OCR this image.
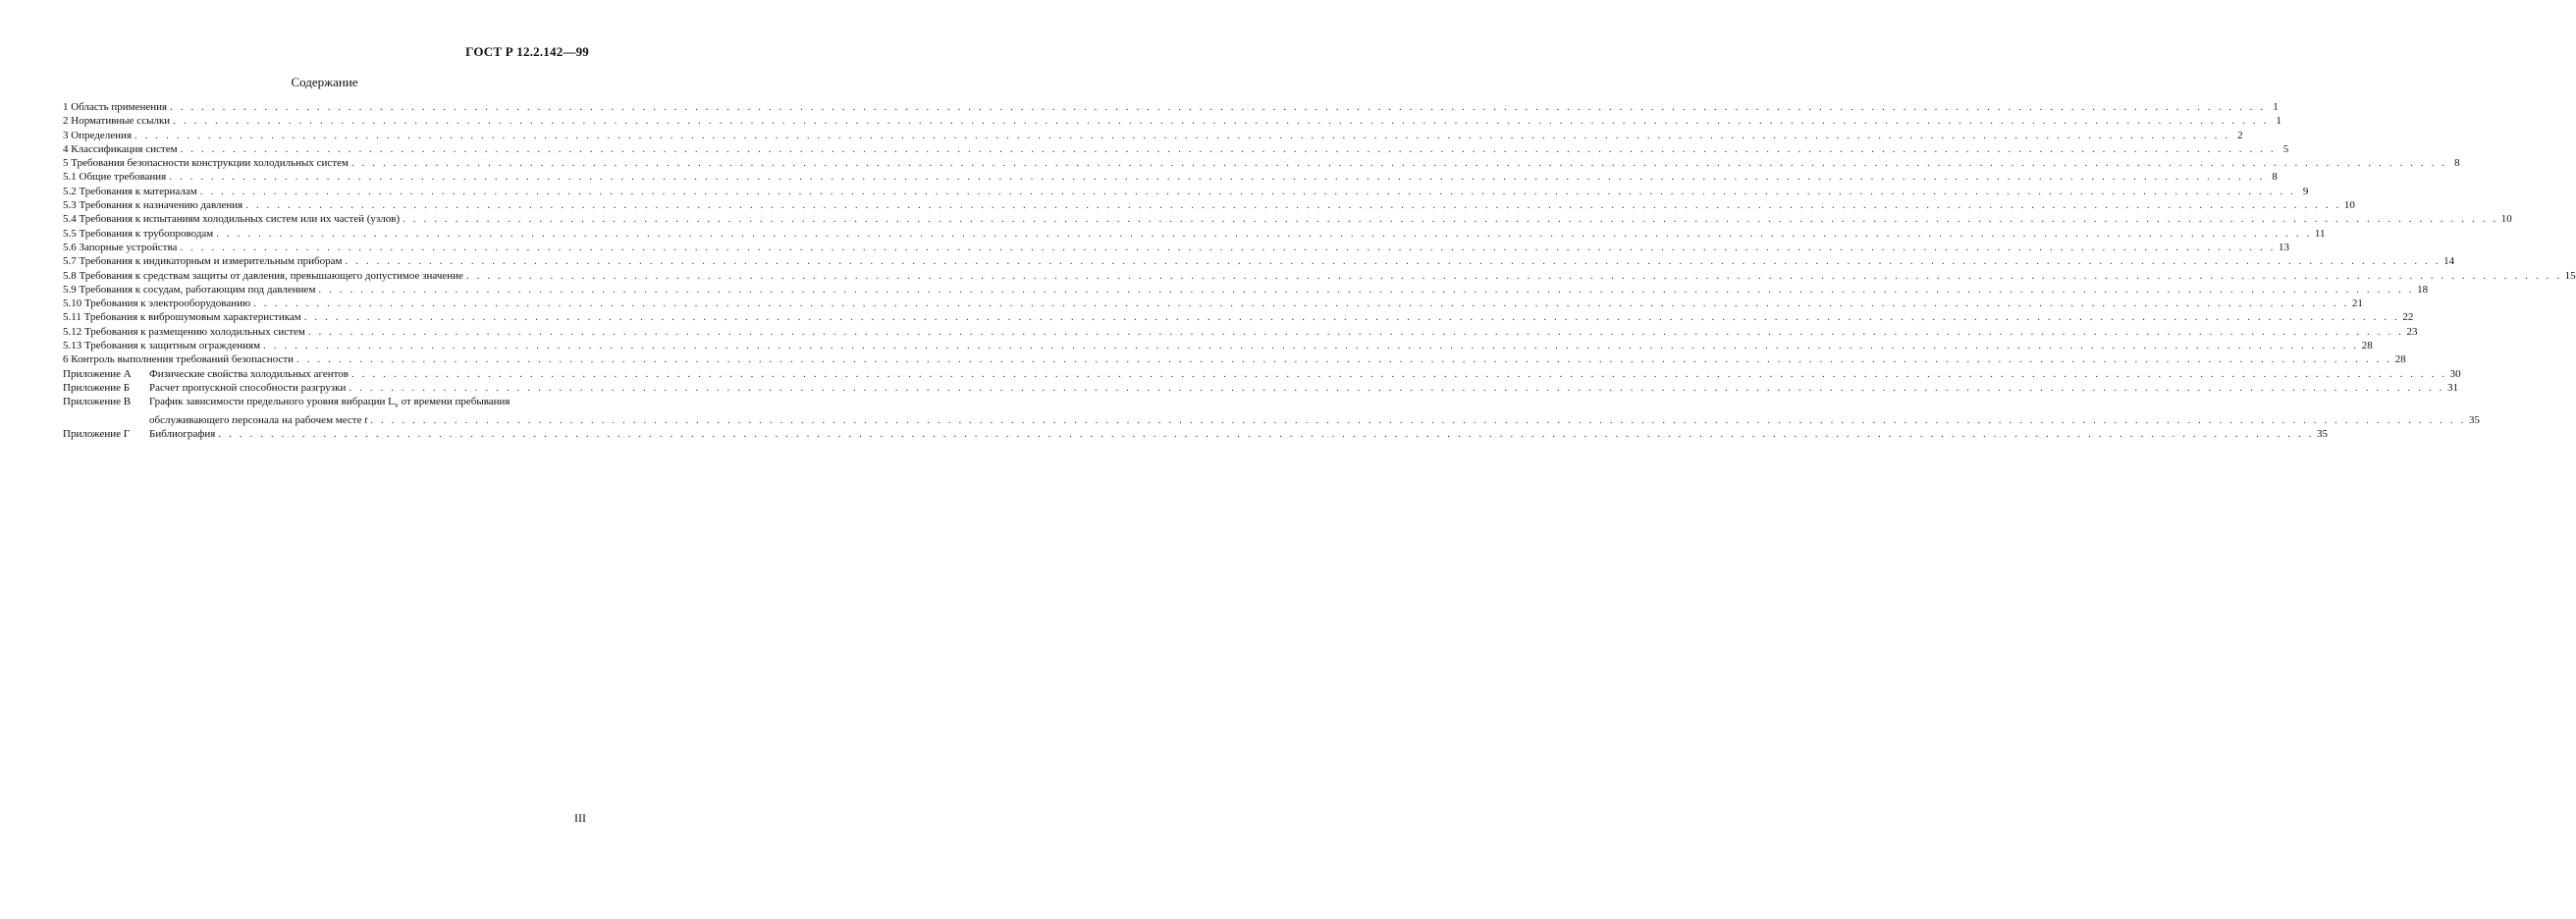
ГОСТ Р 12.2.142—99
Содержание
1 Область применения . . . . . . . . . . . . . . . . . . . . . . . . . . . . . . . . . . . . . . . . . . . . . . . . . . . . . . . . . . . . . . . . . . . . . . . . . . . . . . . . . . . . . . . . . . . . . . . . . . . . . . . . . . . . . . . . . . . . . . . . . . . . . . . . . . . . . . . . . . . . . . . . . . . . . . . . . . . . . . . . . . . . . . . . . . . . . . . . . . . . . . . . . . . . . . . . . . . . . . . . 1
2 Нормативные ссылки . . . . . . . . . . . . . . . . . . . . . . . . . . . . . . . . . . . . . . . . . . . . . . . . . . . . . . . . . . . . . . . . . . . . . . . . . . . . . . . . . . . . . . . . . . . . . . . . . . . . . . . . . . . . . . . . . . . . . . . . . . . . . . . . . . . . . . . . . . . . . . . . . . . . . . . . . . . . . . . . . . . . . . . . . . . . . . . . . . . . . . . . . . . . . . . . . . . . . . . . 1
3 Определения . . . . . . . . . . . . . . . . . . . . . . . . . . . . . . . . . . . . . . . . . . . . . . . . . . . . . . . . . . . . . . . . . . . . . . . . . . . . . . . . . . . . . . . . . . . . . . . . . . . . . . . . . . . . . . . . . . . . . . . . . . . . . . . . . . . . . . . . . . . . . . . . . . . . . . . . . . . . . . . . . . . . . . . . . . . . . . . . . . . . . . . . . . . . . . . . . . . . . . . . 2
4 Классификация систем . . . . . . . . . . . . . . . . . . . . . . . . . . . . . . . . . . . . . . . . . . . . . . . . . . . . . . . . . . . . . . . . . . . . . . . . . . . . . . . . . . . . . . . . . . . . . . . . . . . . . . . . . . . . . . . . . . . . . . . . . . . . . . . . . . . . . . . . . . . . . . . . . . . . . . . . . . . . . . . . . . . . . . . . . . . . . . . . . . . . . . . . . . . . . . . . . . . . . . . . 5
5 Требования безопасности конструкции холодильных систем . . . . . . . . . . . . . . . . . . . . . . . . . . . . . . . . . . . . . . . . . . . . . . . . . . . . . . . . . . . . . . . . . . . . . . . . . . . . . . . . . . . . . . . . . . . . . . . . . . . . . . . . . . . . . . . . . . . . . . . . . . . . . . . . . . . . . . . . . . . . . . . . . . . . . . . . . . . . . . . . . . . . . . . . . . . . . . . . . . . . . . . . . . . . . . . . . . . . . . . . 8
5.1 Общие требования . . . . . . . . . . . . . . . . . . . . . . . . . . . . . . . . . . . . . . . . . . . . . . . . . . . . . . . . . . . . . . . . . . . . . . . . . . . . . . . . . . . . . . . . . . . . . . . . . . . . . . . . . . . . . . . . . . . . . . . . . . . . . . . . . . . . . . . . . . . . . . . . . . . . . . . . . . . . . . . . . . . . . . . . . . . . . . . . . . . . . . . . . . . . . . . . . . . . . . . . 8
5.2 Требования к материалам . . . . . . . . . . . . . . . . . . . . . . . . . . . . . . . . . . . . . . . . . . . . . . . . . . . . . . . . . . . . . . . . . . . . . . . . . . . . . . . . . . . . . . . . . . . . . . . . . . . . . . . . . . . . . . . . . . . . . . . . . . . . . . . . . . . . . . . . . . . . . . . . . . . . . . . . . . . . . . . . . . . . . . . . . . . . . . . . . . . . . . . . . . . . . . . . . . . . . . . . 9
5.3 Требования к назначению давления . . . . . . . . . . . . . . . . . . . . . . . . . . . . . . . . . . . . . . . . . . . . . . . . . . . . . . . . . . . . . . . . . . . . . . . . . . . . . . . . . . . . . . . . . . . . . . . . . . . . . . . . . . . . . . . . . . . . . . . . . . . . . . . . . . . . . . . . . . . . . . . . . . . . . . . . . . . . . . . . . . . . . . . . . . . . . . . . . . . . . . . . . . . . . . . . . . . . . . . . 10
5.4 Требования к испытаниям холодильных систем или их частей (узлов) . . . . . . . . . . . . . . . . . . . . . . . . . . . . . . . . . . . . . . . . . . . . . . . . . . . . . . . . . . . . . . . . . . . . . . . . . . . . . . . . . . . . . . . . . . . . . . . . . . . . . . . . . . . . . . . . . . . . . . . . . . . . . . . . . . . . . . . . . . . . . . . . . . . . . . . . . . . . . . . . . . . . . . . . . . . . . . . . . . . . . . . . . . . . . . . . . . . . . . . . 10
5.5 Требования к трубопроводам . . . . . . . . . . . . . . . . . . . . . . . . . . . . . . . . . . . . . . . . . . . . . . . . . . . . . . . . . . . . . . . . . . . . . . . . . . . . . . . . . . . . . . . . . . . . . . . . . . . . . . . . . . . . . . . . . . . . . . . . . . . . . . . . . . . . . . . . . . . . . . . . . . . . . . . . . . . . . . . . . . . . . . . . . . . . . . . . . . . . . . . . . . . . . . . . . . . . . . . . 11
5.6 Запорные устройства . . . . . . . . . . . . . . . . . . . . . . . . . . . . . . . . . . . . . . . . . . . . . . . . . . . . . . . . . . . . . . . . . . . . . . . . . . . . . . . . . . . . . . . . . . . . . . . . . . . . . . . . . . . . . . . . . . . . . . . . . . . . . . . . . . . . . . . . . . . . . . . . . . . . . . . . . . . . . . . . . . . . . . . . . . . . . . . . . . . . . . . . . . . . . . . . . . . . . . . . 13
5.7 Требования к индикаторным и измерительным приборам . . . . . . . . . . . . . . . . . . . . . . . . . . . . . . . . . . . . . . . . . . . . . . . . . . . . . . . . . . . . . . . . . . . . . . . . . . . . . . . . . . . . . . . . . . . . . . . . . . . . . . . . . . . . . . . . . . . . . . . . . . . . . . . . . . . . . . . . . . . . . . . . . . . . . . . . . . . . . . . . . . . . . . . . . . . . . . . . . . . . . . . . . . . . . . . . . . . . . . . . 14
5.8 Требования к средствам защиты от давления, превышающего допустимое значение . . . . . . . . . . . . . . . . . . . . . . . . . . . . . . . . . . . . . . . . . . . . . . . . . . . . . . . . . . . . . . . . . . . . . . . . . . . . . . . . . . . . . . . . . . . . . . . . . . . . . . . . . . . . . . . . . . . . . . . . . . . . . . . . . . . . . . . . . . . . . . . . . . . . . . . . . . . . . . . . . . . . . . . . . . . . . . . . . . . . . . . . . . . . . . . . . . . . . . . . 15
5.9 Требования к сосудам, работающим под давлением . . . . . . . . . . . . . . . . . . . . . . . . . . . . . . . . . . . . . . . . . . . . . . . . . . . . . . . . . . . . . . . . . . . . . . . . . . . . . . . . . . . . . . . . . . . . . . . . . . . . . . . . . . . . . . . . . . . . . . . . . . . . . . . . . . . . . . . . . . . . . . . . . . . . . . . . . . . . . . . . . . . . . . . . . . . . . . . . . . . . . . . . . . . . . . . . . . . . . . . . 18
5.10 Требования к электрооборудованию . . . . . . . . . . . . . . . . . . . . . . . . . . . . . . . . . . . . . . . . . . . . . . . . . . . . . . . . . . . . . . . . . . . . . . . . . . . . . . . . . . . . . . . . . . . . . . . . . . . . . . . . . . . . . . . . . . . . . . . . . . . . . . . . . . . . . . . . . . . . . . . . . . . . . . . . . . . . . . . . . . . . . . . . . . . . . . . . . . . . . . . . . . . . . . . . . . . . . . . . 21
5.11 Требования к виброшумовым характеристикам . . . . . . . . . . . . . . . . . . . . . . . . . . . . . . . . . . . . . . . . . . . . . . . . . . . . . . . . . . . . . . . . . . . . . . . . . . . . . . . . . . . . . . . . . . . . . . . . . . . . . . . . . . . . . . . . . . . . . . . . . . . . . . . . . . . . . . . . . . . . . . . . . . . . . . . . . . . . . . . . . . . . . . . . . . . . . . . . . . . . . . . . . . . . . . . . . . . . . . . . 22
5.12 Требования к размещению холодильных систем . . . . . . . . . . . . . . . . . . . . . . . . . . . . . . . . . . . . . . . . . . . . . . . . . . . . . . . . . . . . . . . . . . . . . . . . . . . . . . . . . . . . . . . . . . . . . . . . . . . . . . . . . . . . . . . . . . . . . . . . . . . . . . . . . . . . . . . . . . . . . . . . . . . . . . . . . . . . . . . . . . . . . . . . . . . . . . . . . . . . . . . . . . . . . . . . . . . . . . . . 23
5.13 Требования к защитным ограждениям . . . . . . . . . . . . . . . . . . . . . . . . . . . . . . . . . . . . . . . . . . . . . . . . . . . . . . . . . . . . . . . . . . . . . . . . . . . . . . . . . . . . . . . . . . . . . . . . . . . . . . . . . . . . . . . . . . . . . . . . . . . . . . . . . . . . . . . . . . . . . . . . . . . . . . . . . . . . . . . . . . . . . . . . . . . . . . . . . . . . . . . . . . . . . . . . . . . . . . . . 28
6 Контроль выполнения требований безопасности . . . . . . . . . . . . . . . . . . . . . . . . . . . . . . . . . . . . . . . . . . . . . . . . . . . . . . . . . . . . . . . . . . . . . . . . . . . . . . . . . . . . . . . . . . . . . . . . . . . . . . . . . . . . . . . . . . . . . . . . . . . . . . . . . . . . . . . . . . . . . . . . . . . . . . . . . . . . . . . . . . . . . . . . . . . . . . . . . . . . . . . . . . . . . . . . . . . . . . . . 28
Приложение А	Физические свойства холодильных агентов . . . . . . . . . . . . . . . . . . . . . . . . . . . . . . . . . . . . . . . . . . . . . . . . . . . . . . . . . . . . . . . . . . . . . . . . . . . . . . . . . . . . . . . . . . . . . . . . . . . . . . . . . . . . . . . . . . . . . . . . . . . . . . . . . . . . . . . . . . . . . . . . . . . . . . . . . . . . . . . . . . . . . . . . . . . . . . . . . . . . . . . . . . . . . . . . . . . . . . . . 30
Приложение Б	Расчет пропускной способности разгрузки . . . . . . . . . . . . . . . . . . . . . . . . . . . . . . . . . . . . . . . . . . . . . . . . . . . . . . . . . . . . . . . . . . . . . . . . . . . . . . . . . . . . . . . . . . . . . . . . . . . . . . . . . . . . . . . . . . . . . . . . . . . . . . . . . . . . . . . . . . . . . . . . . . . . . . . . . . . . . . . . . . . . . . . . . . . . . . . . . . . . . . . . . . . . . . . . . . . . . . . . 31
Приложение В	График зависимости предельного уровня вибрации $L_v$ от времени пребывания
обслуживающего персонала на рабочем месте t . . . . . . . . . . . . . . . . . . . . . . . . . . . . . . . . . . . . . . . . . . . . . . . . . . . . . . . . . . . . . . . . . . . . . . . . . . . . . . . . . . . . . . . . . . . . . . . . . . . . . . . . . . . . . . . . . . . . . . . . . . . . . . . . . . . . . . . . . . . . . . . . . . . . . . . . . . . . . . . . . . . . . . . . . . . . . . . . . . . . . . . . . . . . . . . . . . . . . . . . 35
Приложение Г	Библиография . . . . . . . . . . . . . . . . . . . . . . . . . . . . . . . . . . . . . . . . . . . . . . . . . . . . . . . . . . . . . . . . . . . . . . . . . . . . . . . . . . . . . . . . . . . . . . . . . . . . . . . . . . . . . . . . . . . . . . . . . . . . . . . . . . . . . . . . . . . . . . . . . . . . . . . . . . . . . . . . . . . . . . . . . . . . . . . . . . . . . . . . . . . . . . . . . . . . . . . . 35
III
